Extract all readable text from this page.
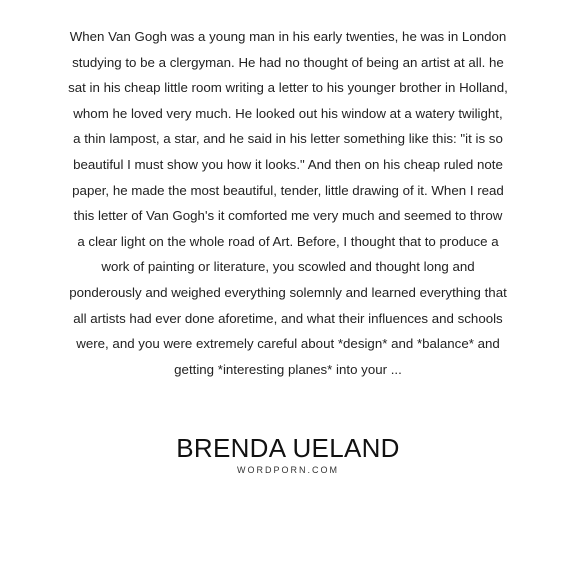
When Van Gogh was a young man in his early twenties, he was in London
studying to be a clergyman. He had no thought of being an artist at all. he
sat in his cheap little room writing a letter to his younger brother in Holland,
whom he loved very much. He looked out his window at a watery twilight,
a thin lampost, a star, and he said in his letter something like this: "it is so
beautiful I must show you how it looks." And then on his cheap ruled note
paper, he made the most beautiful, tender, little drawing of it. When I read
this letter of Van Gogh's it comforted me very much and seemed to throw
a clear light on the whole road of Art. Before, I thought that to produce a
work of painting or literature, you scowled and thought long and
ponderously and weighed everything solemnly and learned everything that
all artists had ever done aforetime, and what their influences and schools
were, and you were extremely careful about *design* and *balance* and
getting *interesting planes* into your ...

BRENDA UELAND
WORDPORN.COM
